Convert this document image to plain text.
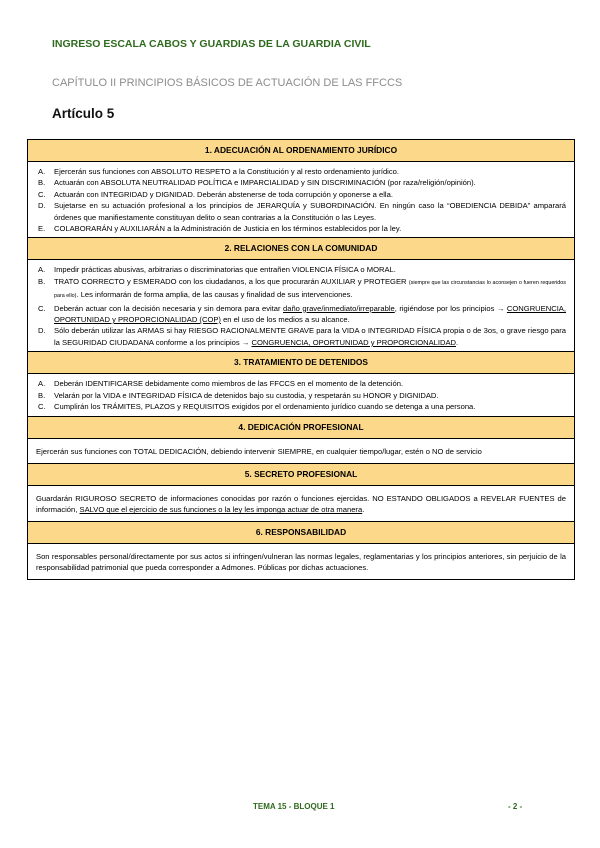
INGRESO ESCALA CABOS Y GUARDIAS DE LA GUARDIA CIVIL
CAPÍTULO II PRINCIPIOS BÁSICOS DE ACTUACIÓN DE LAS FFCCS
Artículo 5
1. ADECUACIÓN AL ORDENAMIENTO JURÍDICO
A.	Ejercerán sus funciones con ABSOLUTO RESPETO a la Constitución y al resto ordenamiento jurídico.
B.	Actuarán con ABSOLUTA NEUTRALIDAD POLÍTICA e IMPARCIALIDAD y SIN DISCRIMINACIÓN (por raza/religión/opinión).
C.	Actuarán con INTEGRIDAD y DIGNIDAD. Deberán abstenerse de toda corrupción y oponerse a ella.
D.	Sujetarse en su actuación profesional a los principios de JERARQUÍA y SUBORDINACIÓN. En ningún caso la “OBEDIENCIA DEBIDA” amparará órdenes que manifiestamente constituyan delito o sean contrarias a la Constitución o las Leyes.
E.	COLABORARÁN y AUXILIARÁN a la Administración de Justicia en los términos establecidos por la ley.
2. RELACIONES CON LA COMUNIDAD
A.	Impedir prácticas abusivas, arbitrarias o discriminatorias que entrañen VIOLENCIA FÍSICA o MORAL.
B.	TRATO CORRECTO y ESMERADO con los ciudadanos, a los que procurarán AUXILIAR y PROTEGER (siempre que las circunstancias lo aconsejen o fueren requeridos para ello). Les informarán de forma amplia, de las causas y finalidad de sus intervenciones.
C.	Deberán actuar con la decisión necesaria y sin demora para evitar daño grave/inmediato/irreparable, rigiéndose por los principios → CONGRUENCIA, OPORTUNIDAD y PROPORCIONALIDAD (COP) en el uso de los medios a su alcance.
D.	Sólo deberán utilizar las ARMAS si hay RIESGO RACIONALMENTE GRAVE para la VIDA o INTEGRIDAD FÍSICA propia o de 3os, o grave riesgo para la SEGURIDAD CIUDADANA conforme a los principios → CONGRUENCIA, OPORTUNIDAD y PROPORCIONALIDAD.
3. TRATAMIENTO DE DETENIDOS
A.	Deberán IDENTIFICARSE debidamente como miembros de las FFCCS en el momento de la detención.
B.	Velarán por la VIDA e INTEGRIDAD FÍSICA de detenidos bajo su custodia, y respetarán su HONOR y DIGNIDAD.
C.	Cumplirán los TRÁMITES, PLAZOS y REQUISITOS exigidos por el ordenamiento jurídico cuando se detenga a una persona.
4. DEDICACIÓN PROFESIONAL
Ejercerán sus funciones con TOTAL DEDICACIÓN, debiendo intervenir SIEMPRE, en cualquier tiempo/lugar, estén o NO de servicio
5. SECRETO PROFESIONAL
Guardarán RIGUROSO SECRETO de informaciones conocidas por razón o funciones ejercidas. NO ESTANDO OBLIGADOS a REVELAR FUENTES de información, SALVO que el ejercicio de sus funciones o la ley les imponga actuar de otra manera.
6. RESPONSABILIDAD
Son responsables personal/directamente por sus actos si infringen/vulneran las normas legales, reglamentarias y los principios anteriores, sin perjuicio de la responsabilidad patrimonial que pueda corresponder a Admones. Públicas por dichas actuaciones.
TEMA 15 - BLOQUE 1	- 2 -
